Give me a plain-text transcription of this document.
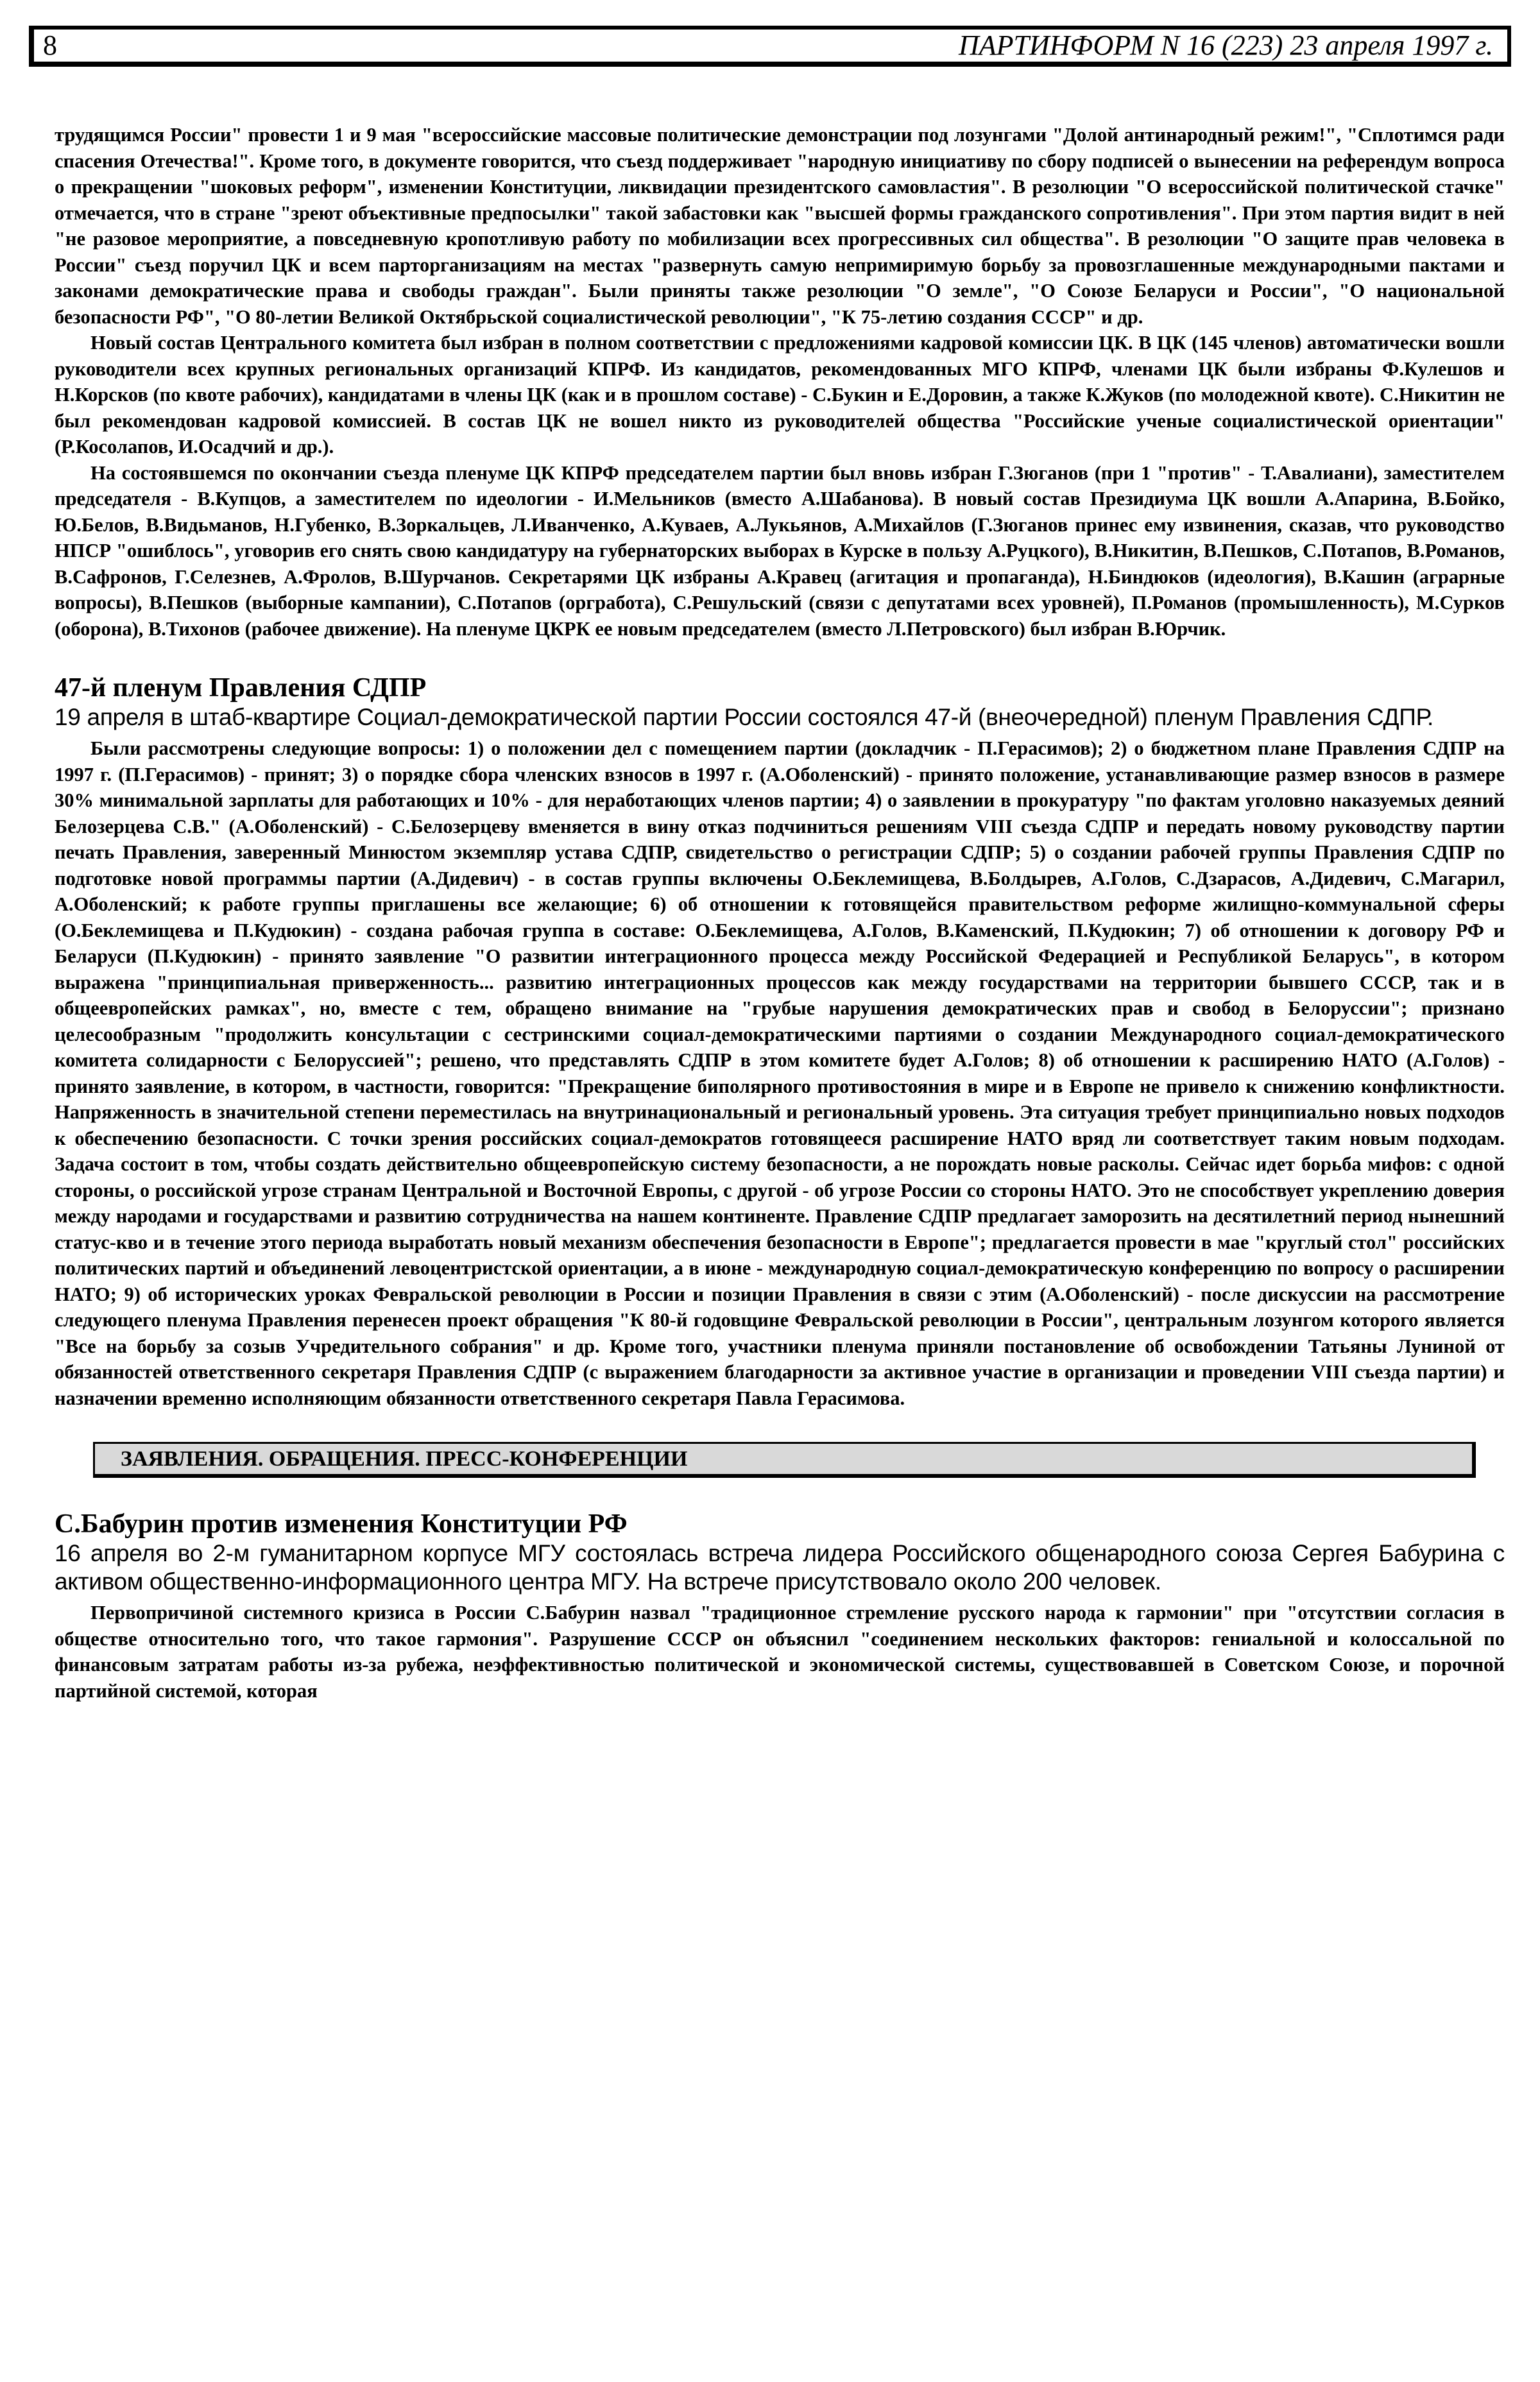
8	ПАРТИНФОРМ N 16 (223) 23 апреля 1997 г.

трудящимся России" провести 1 и 9 мая "всероссийские массовые политические демонстрации под лозунгами "Долой антинародный режим!", "Сплотимся ради спасения Отечества!". Кроме того, в документе говорится, что съезд поддерживает "народную инициативу по сбору подписей о вынесении на референдум вопроса о прекращении "шоковых реформ", изменении Конституции, ликвидации президентского самовластия". В резолюции "О всероссийской политической стачке" отмечается, что в стране "зреют объективные предпосылки" такой забастовки как "высшей формы гражданского сопротивления". При этом партия видит в ней "не разовое мероприятие, а повседневную кропотливую работу по мобилизации всех прогрессивных сил общества". В резолюции "О защите прав человека в России" съезд поручил ЦК и всем парторганизациям на местах "развернуть самую непримиримую борьбу за провозглашенные международными пактами и законами демократические права и свободы граждан". Были приняты также резолюции "О земле", "О Союзе Беларуси и России", "О национальной безопасности РФ", "О 80-летии Великой Октябрьской социалистической революции", "К 75-летию создания СССР" и др.

Новый состав Центрального комитета был избран в полном соответствии с предложениями кадровой комиссии ЦК. В ЦК (145 членов) автоматически вошли руководители всех крупных региональных организаций КПРФ. Из кандидатов, рекомендованных МГО КПРФ, членами ЦК были избраны Ф.Кулешов и Н.Корсков (по квоте рабочих), кандидатами в члены ЦК (как и в прошлом составе) - С.Букин и Е.Доровин, а также К.Жуков (по молодежной квоте). С.Никитин не был рекомендован кадровой комиссией. В состав ЦК не вошел никто из руководителей общества "Российские ученые социалистической ориентации" (Р.Косолапов, И.Осадчий и др.).

На состоявшемся по окончании съезда пленуме ЦК КПРФ председателем партии был вновь избран Г.Зюганов (при 1 "против" - Т.Авалиани), заместителем председателя - В.Купцов, а заместителем по идеологии - И.Мельников (вместо А.Шабанова). В новый состав Президиума ЦК вошли А.Апарина, В.Бойко, Ю.Белов, В.Видьманов, Н.Губенко, В.Зоркальцев, Л.Иванченко, А.Куваев, А.Лукьянов, А.Михайлов (Г.Зюганов принес ему извинения, сказав, что руководство НПСР "ошиблось", уговорив его снять свою кандидатуру на губернаторских выборах в Курске в пользу А.Руцкого), В.Никитин, В.Пешков, С.Потапов, В.Романов, В.Сафронов, Г.Селезнев, А.Фролов, В.Шурчанов. Секретарями ЦК избраны А.Кравец (агитация и пропаганда), Н.Биндюков (идеология), В.Кашин (аграрные вопросы), В.Пешков (выборные кампании), С.Потапов (оргработа), С.Решульский (связи с депутатами всех уровней), П.Романов (промышленность), М.Сурков (оборона), В.Тихонов (рабочее движение). На пленуме ЦКРК ее новым председателем (вместо Л.Петровского) был избран В.Юрчик.

47-й пленум Правления СДПР
19 апреля в штаб-квартире Социал-демократической партии России состоялся 47-й (внеочередной) пленум Правления СДПР.

Были рассмотрены следующие вопросы: 1) о положении дел с помещением партии (докладчик - П.Герасимов); 2) о бюджетном плане Правления СДПР на 1997 г. (П.Герасимов) - принят; 3) о порядке сбора членских взносов в 1997 г. (А.Оболенский) - принято положение, устанавливающие размер взносов в размере 30% минимальной зарплаты для работающих и 10% - для неработающих членов партии; 4) о заявлении в прокуратуру "по фактам уголовно наказуемых деяний Белозерцева С.В." (А.Оболенский) - С.Белозерцеву вменяется в вину отказ подчиниться решениям VIII съезда СДПР и передать новому руководству партии печать Правления, заверенный Минюстом экземпляр устава СДПР, свидетельство о регистрации СДПР; 5) о создании рабочей группы Правления СДПР по подготовке новой программы партии (А.Дидевич) - в состав группы включены О.Беклемищева, В.Болдырев, А.Голов, С.Дзарасов, А.Дидевич, С.Магарил, А.Оболенский; к работе группы приглашены все желающие; 6) об отношении к готовящейся правительством реформе жилищно-коммунальной сферы (О.Беклемищева и П.Кудюкин) - создана рабочая группа в составе: О.Беклемищева, А.Голов, В.Каменский, П.Кудюкин; 7) об отношении к договору РФ и Беларуси (П.Кудюкин) - принято заявление "О развитии интеграционного процесса между Российской Федерацией и Республикой Беларусь", в котором выражена "принципиальная приверженность... развитию интеграционных процессов как между государствами на территории бывшего СССР, так и в общеевропейских рамках", но, вместе с тем, обращено внимание на "грубые нарушения демократических прав и свобод в Белоруссии"; признано целесообразным "продолжить консультации с сестринскими социал-демократическими партиями о создании Международного социал-демократического комитета солидарности с Белоруссией"; решено, что представлять СДПР в этом комитете будет А.Голов; 8) об отношении к расширению НАТО (А.Голов) - принято заявление, в котором, в частности, говорится: "Прекращение биполярного противостояния в мире и в Европе не привело к снижению конфликтности. Напряженность в значительной степени переместилась на внутринациональный и региональный уровень. Эта ситуация требует принципиально новых подходов к обеспечению безопасности. С точки зрения российских социал-демократов готовящееся расширение НАТО вряд ли соответствует таким новым подходам. Задача состоит в том, чтобы создать действительно общеевропейскую систему безопасности, а не порождать новые расколы. Сейчас идет борьба мифов: с одной стороны, о российской угрозе странам Центральной и Восточной Европы, с другой - об угрозе России со стороны НАТО. Это не способствует укреплению доверия между народами и государствами и развитию сотрудничества на нашем континенте. Правление СДПР предлагает заморозить на десятилетний период нынешний статус-кво и в течение этого периода выработать новый механизм обеспечения безопасности в Европе"; предлагается провести в мае "круглый стол" российских политических партий и объединений левоцентристской ориентации, а в июне - международную социал-демократическую конференцию по вопросу о расширении НАТО; 9) об исторических уроках Февральской революции в России и позиции Правления в связи с этим (А.Оболенский) - после дискуссии на рассмотрение следующего пленума Правления перенесен проект обращения "К 80-й годовщине Февральской революции в России", центральным лозунгом которого является "Все на борьбу за созыв Учредительного собрания" и др. Кроме того, участники пленума приняли постановление об освобождении Татьяны Луниной от обязанностей ответственного секретаря Правления СДПР (с выражением благодарности за активное участие в организации и проведении VIII съезда партии) и назначении временно исполняющим обязанности ответственного секретаря Павла Герасимова.

ЗАЯВЛЕНИЯ. ОБРАЩЕНИЯ. ПРЕСС-КОНФЕРЕНЦИИ
С.Бабурин против изменения Конституции РФ
16 апреля во 2-м гуманитарном корпусе МГУ состоялась встреча лидера Российского общенародного союза Сергея Бабурина с активом общественно-информационного центра МГУ. На встрече присутствовало около 200 человек.

Первопричиной системного кризиса в России С.Бабурин назвал "традиционное стремление русского народа к гармонии" при "отсутствии согласия в обществе относительно того, что такое гармония". Разрушение СССР он объяснил "соединением нескольких факторов: гениальной и колоссальной по финансовым затратам работы из-за рубежа, неэффективностью политической и экономической системы, существовавшей в Советском Союзе, и порочной партийной системой, которая
